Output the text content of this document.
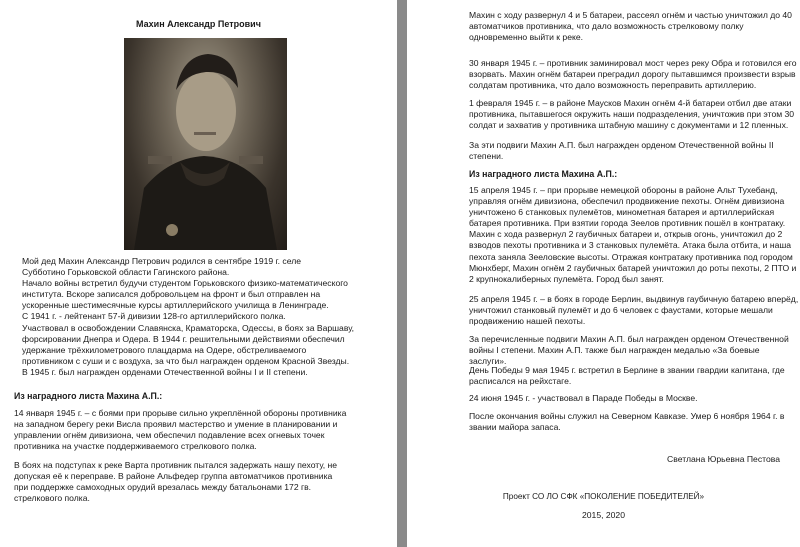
Махин Александр Петрович
Мой дед Махин Александр Петрович родился в сентябре 1919 г. селе
Субботино Горьковской области Гагинского района.
Начало войны встретил будучи студентом Горьковского физико-математического
института. Вскоре записался добровольцем на фронт и был отправлен на
ускоренные шестимесячные курсы артиллерийского училища в Ленинграде.
С 1941 г. - лейтенант 57-й дивизии 128-го артиллерийского полка.
Участвовал в освобождении Славянска, Краматорска, Одессы, в боях за Варшаву,
форсировании Днепра и Одера. В 1944 г. решительными действиями обеспечил
удержание трёхкилометрового плацдарма на Одере, обстреливаемого
противником с суши и с воздуха, за что был награжден орденом Красной Звезды.
В 1945 г. был награжден орденами Отечественной войны I и II степени.
Из наградного листа Махина А.П.:
14 января 1945 г. – с боями при прорыве сильно укреплённой обороны противника
на западном берегу реки Висла проявил мастерство и умение в планировании и
управлении огнём дивизиона, чем обеспечил подавление всех огневых точек
противника на участке поддерживаемого стрелкового полка.
В боях на подступах к реке Варта противник пытался задержать нашу пехоту, не
допуская её к переправе. В районе Альфедер группа автоматчиков противника
при поддержке самоходных орудий врезалась между батальонами 172 гв.
стрелкового полка.
Махин с ходу развернул 4 и 5 батареи, рассеял огнём и частью уничтожил до 40
автоматчиков противника, что дало возможность стрелковому полку
одновременно выйти к реке.
30 января 1945 г. – противник заминировал мост через реку Обра и готовился его
взорвать. Махин огнём батареи преградил дорогу пытавшимся произвести взрыв
солдатам противника, что дало возможность переправить артиллерию.
1 февраля 1945 г. – в районе Маусков Махин огнём 4-й батареи отбил две атаки
противника, пытавшегося окружить наши подразделения, уничтожив при этом 30
солдат и захватив у противника штабную машину с документами и 12 пленных.
За эти подвиги Махин А.П. был награжден орденом Отечественной войны II
степени.
Из наградного листа Махина А.П.:
15 апреля 1945 г. – при прорыве немецкой обороны в районе Альт Тухебанд,
управляя огнём дивизиона, обеспечил продвижение пехоты. Огнём дивизиона
уничтожено 6 станковых пулемётов, минометная батарея и артиллерийская
батарея противника. При взятии города Зеелов противник пошёл в контратаку.
Махин с хода развернул 2 гаубичных батареи и, открыв огонь, уничтожил до 2
взводов пехоты противника и 3 станковых пулемёта. Атака была отбита, и наша
пехота заняла Зееловские высоты. Отражая контратаку противника под городом
Мюнхберг, Махин огнём 2 гаубичных батарей уничтожил до роты пехоты, 2 ПТО и
2 крупнокалиберных пулемёта. Город был занят.
25 апреля 1945 г. – в боях в городе Берлин, выдвинув гаубичную батарею вперёд,
уничтожил станковый пулемёт и до 6 человек с фаустами, которые мешали
продвижению нашей пехоты.
За перечисленные подвиги Махин А.П. был награжден орденом Отечественной
войны I степени. Махин А.П. также был награжден медалью «За боевые заслуги».
День Победы 9 мая 1945 г. встретил в Берлине в звании гвардии капитана, где
расписался на рейхстаге.
24 июня 1945 г. - участвовал в Параде Победы в Москве.
После окончания войны служил на Северном Кавказе. Умер 6 ноября 1964 г. в
звании майора запаса.
Светлана Юрьевна Пестова
Проект СО ЛО СФК «ПОКОЛЕНИЕ ПОБЕДИТЕЛЕЙ»
2015, 2020
